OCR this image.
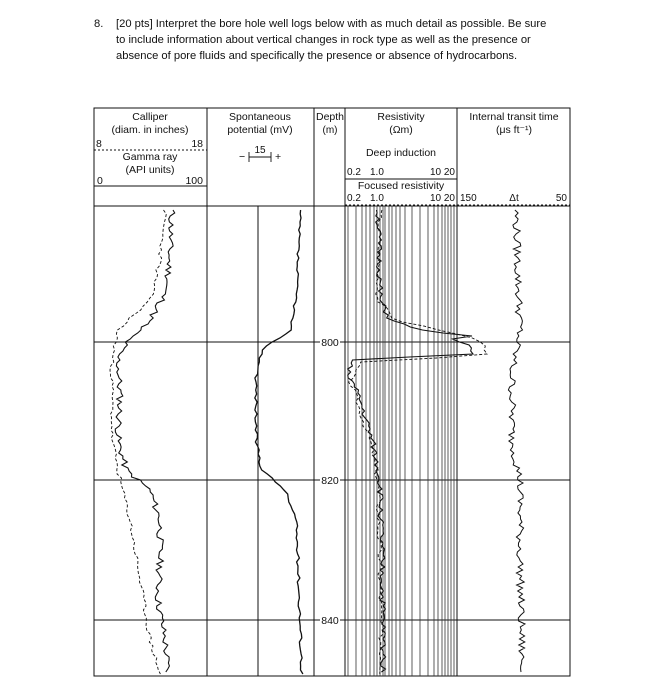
8. [20 pts] Interpret the bore hole well logs below with as much detail as possible. Be sure
to include information about vertical changes in rock type as well as the presence or
absence of pore fluids and specifically the presence or absence of hydrocarbons.
Calliper
(diam. in inches)
8	18
Gamma ray
(API units)
0	100
Spontaneous
potential (mV)
15
−	+
Depth
(m)
800
820
840
Resistivity
(Ωm)
Deep induction
0.2 1.0	10 20
Focused resistivity
0.2 1.0	10 20
Internal transit time
(μs ft⁻¹)
150	Δt	50
